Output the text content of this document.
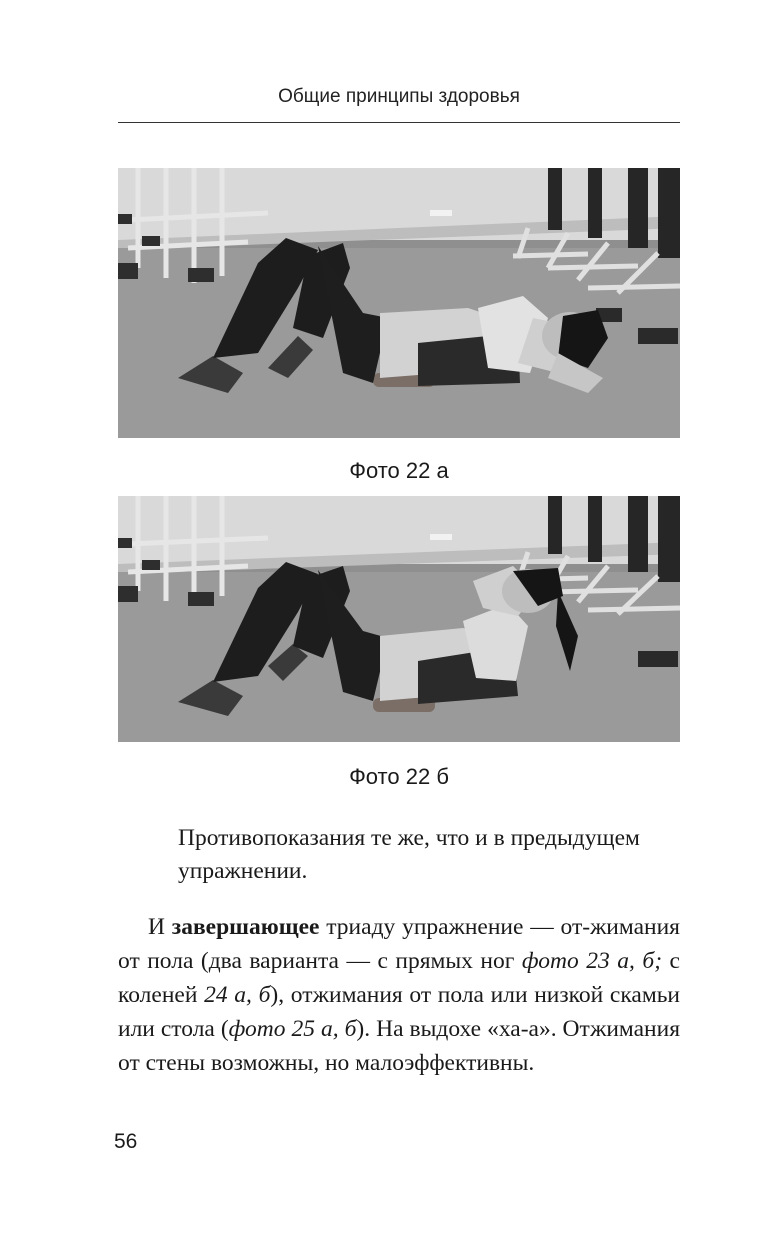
Общие принципы здоровья
Фото 22 а
Фото 22 б
Противопоказания те же, что и в предыдущем упражнении.
И завершающее триаду упражнение — от-жимания от пола (два варианта — с прямых ног фото 23 а, б; с коленей 24 а, б), отжимания от пола или низкой скамьи или стола (фото 25 а, б). На выдохе «ха-а». Отжимания от стены возможны, но малоэффективны.
56
